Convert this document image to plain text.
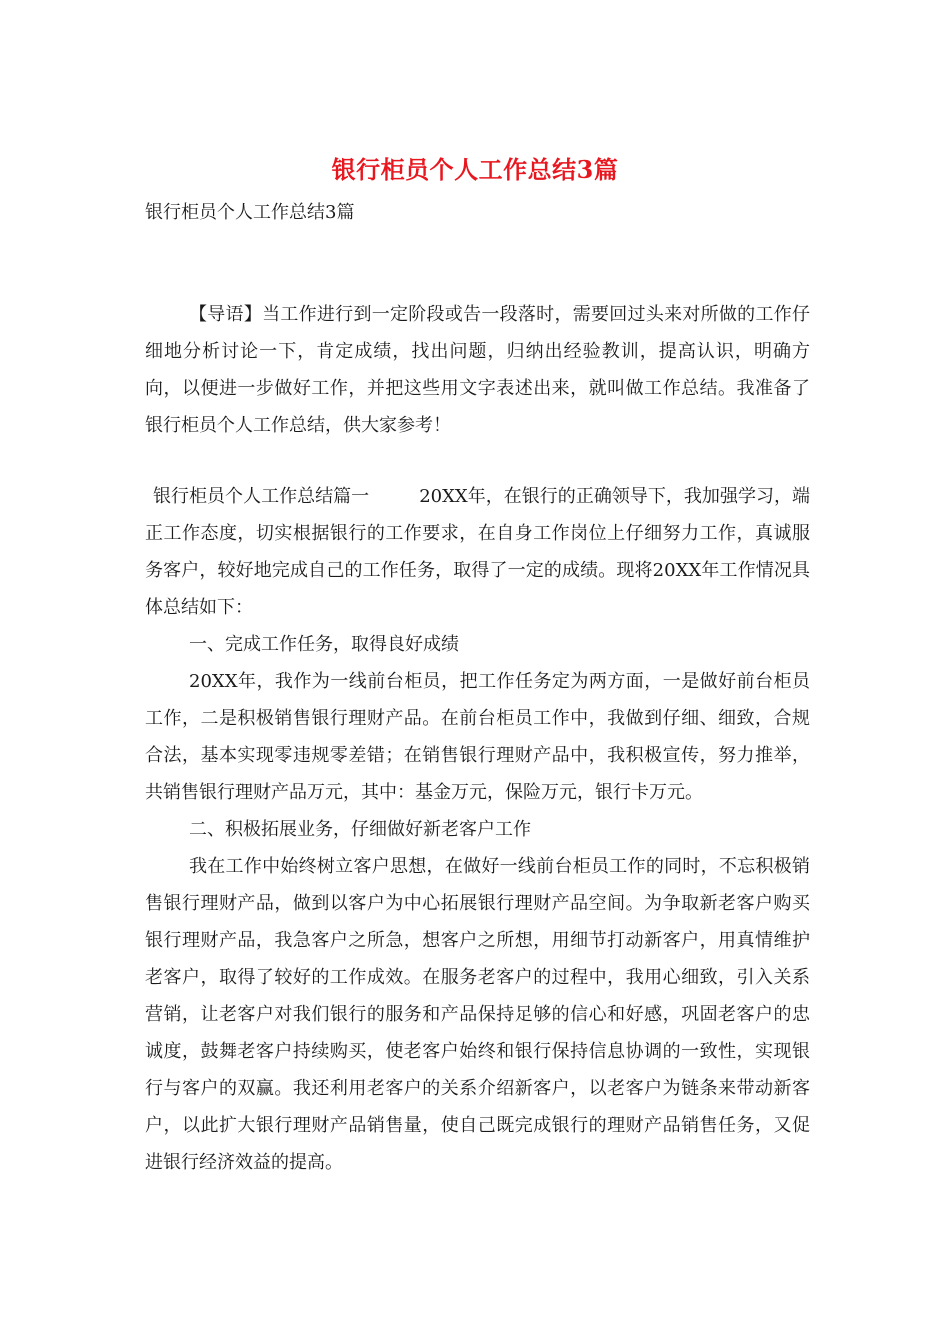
银行柜员个人工作总结3篇

银行柜员个人工作总结3篇

【导语】当工作进行到一定阶段或告一段落时，需要回过头来对所做的工作仔细地分析讨论一下，肯定成绩，找出问题，归纳出经验教训，提高认识，明确方向，以便进一步做好工作，并把这些用文字表述出来，就叫做工作总结。我准备了银行柜员个人工作总结，供大家参考！

银行柜员个人工作总结篇一	20XX年，在银行的正确领导下，我加强学习，端正工作态度，切实根据银行的工作要求，在自身工作岗位上仔细努力工作，真诚服务客户，较好地完成自己的工作任务，取得了一定的成绩。现将20XX年工作情况具体总结如下：

一、完成工作任务，取得良好成绩

20XX年，我作为一线前台柜员，把工作任务定为两方面，一是做好前台柜员工作，二是积极销售银行理财产品。在前台柜员工作中，我做到仔细、细致，合规合法，基本实现零违规零差错；在销售银行理财产品中，我积极宣传，努力推举，共销售银行理财产品万元，其中：基金万元，保险万元，银行卡万元。

二、积极拓展业务，仔细做好新老客户工作

我在工作中始终树立客户思想，在做好一线前台柜员工作的同时，不忘积极销售银行理财产品，做到以客户为中心拓展银行理财产品空间。为争取新老客户购买银行理财产品，我急客户之所急，想客户之所想，用细节打动新客户，用真情维护老客户，取得了较好的工作成效。在服务老客户的过程中，我用心细致，引入关系营销，让老客户对我们银行的服务和产品保持足够的信心和好感，巩固老客户的忠诚度，鼓舞老客户持续购买，使老客户始终和银行保持信息协调的一致性，实现银行与客户的双赢。我还利用老客户的关系介绍新客户，以老客户为链条来带动新客户，以此扩大银行理财产品销售量，使自己既完成银行的理财产品销售任务，又促进银行经济效益的提高。
